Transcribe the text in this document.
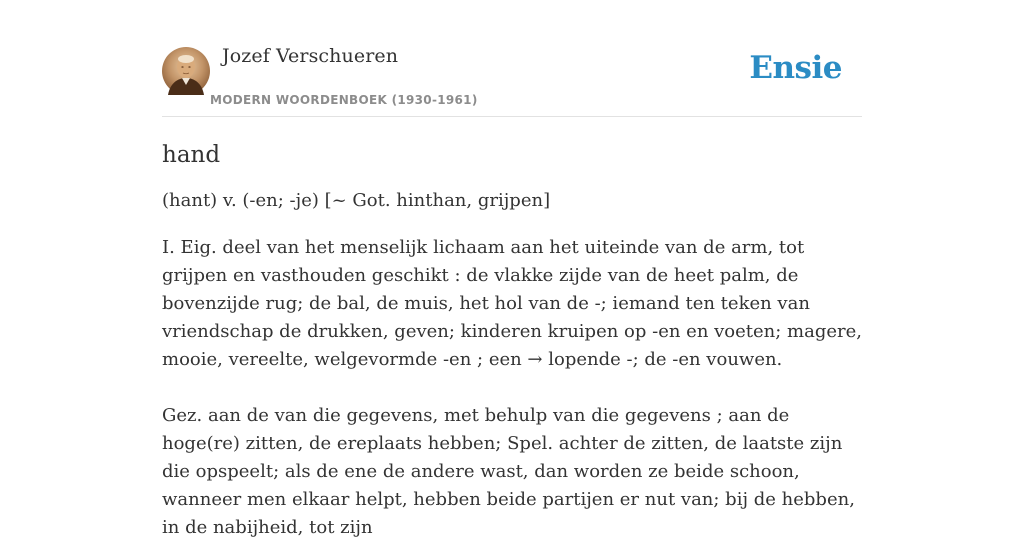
Jozef Verschueren
MODERN WOORDENBOEK (1930-1961)
Ensie
hand

(hant) v. (-en; -je) [~ Got. hinthan, grijpen]

I. Eig. deel van het menselijk lichaam aan het uiteinde van de arm, tot grijpen en vasthouden geschikt : de vlakke zijde van de heet palm, de bovenzijde rug; de bal, de muis, het hol van de -; iemand ten teken van vriendschap de drukken, geven; kinderen kruipen op -en en voeten; magere, mooie, vereelte, welgevormde -en ; een → lopende -; de -en vouwen.

Gez. aan de van die gegevens, met behulp van die gegevens ; aan de hoge(re) zitten, de ereplaats hebben; Spel. achter de zitten, de laatste zijn die opspeelt; als de ene de andere wast, dan worden ze beide schoon, wanneer men elkaar helpt, hebben beide partijen er nut van; bij de hebben, in de nabijheid, tot zijn
